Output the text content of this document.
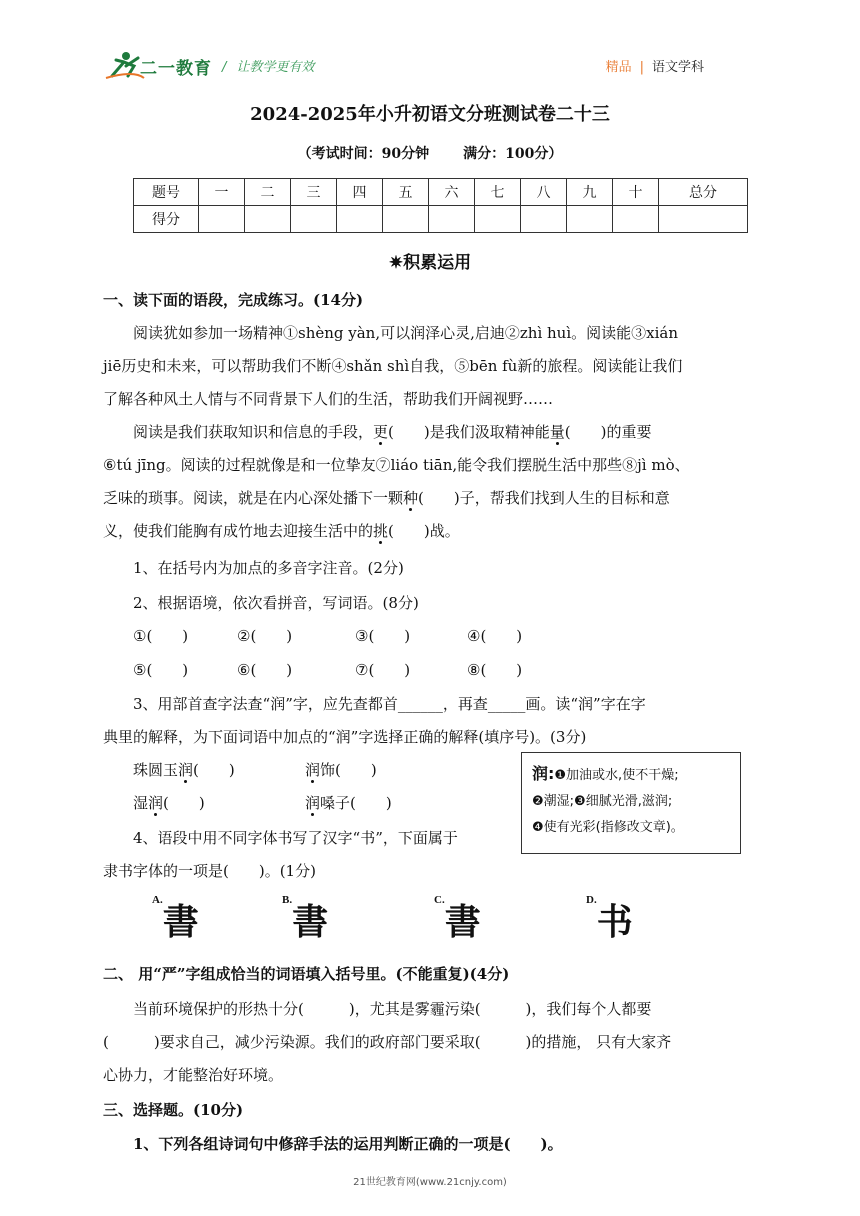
二一教育 / 让教学更有效	精品 | 语文学科
2024-2025年小升初语文分班测试卷二十三
（考试时间：90分钟 满分：100分）
题号	一	二	三	四	五	六	七	八	九	十	总分
得分											
✷积累运用
一、读下面的语段，完成练习。(14分)
阅读犹如参加一场精神①shèng yàn,可以润泽心灵,启迪②zhì huì。阅读能③xián
jiē历史和未来，可以帮助我们不断④shǎn shì自我，⑤bēn fù新的旅程。阅读能让我们
了解各种风土人情与不同背景下人们的生活，帮助我们开阔视野……
阅读是我们获取知识和信息的手段，更(　　)是我们汲取精神能量(　　)的重要
⑥tú jīng。阅读的过程就像是和一位挚友⑦liáo tiān,能令我们摆脱生活中那些⑧jì mò、
乏味的琐事。阅读，就是在内心深处播下一颗种(　　)子，帮我们找到人生的目标和意
义，使我们能胸有成竹地去迎接生活中的挑(　　)战。
1、在括号内为加点的多音字注音。(2分)
2、根据语境，依次看拼音，写词语。(8分)
①(　　)	②(　　)	③(　　)	④(　　)
⑤(　　)	⑥(　　)	⑦(　　)	⑧(　　)
3、用部首查字法查“润”字，应先查都首______，再查_____画。读“润”字在字
典里的解释，为下面词语中加点的“润”字选择正确的解释(填序号)。(3分)
珠圆玉润(　　)	润饰(　　)
湿润(　　)	润嗓子(　　)
润:❶加油或水,使不干燥;
❷潮湿;❸细腻光滑,滋润;
❹使有光彩(指修改文章)。
4、语段中用不同字体书写了汉字“书”，下面属于
隶书字体的一项是(　　)。(1分)
$^{A.}$書
$^{B.}$書
$^{C.}$書
$^{D.}$书
二、 用“严”字组成恰当的词语填入括号里。(不能重复)(4分)
当前环境保护的形热十分(　　　)，尤其是雾霾污染(　　　)，我们每个人都要
(　　　)要求自己，减少污染源。我们的政府部门要采取(　　　)的措施， 只有大家齐
心协力，才能整治好环境。
三、选择题。(10分)
1、下列各组诗词句中修辞手法的运用判断正确的一项是(　　)。
21世纪教育网(www.21cnjy.com)
